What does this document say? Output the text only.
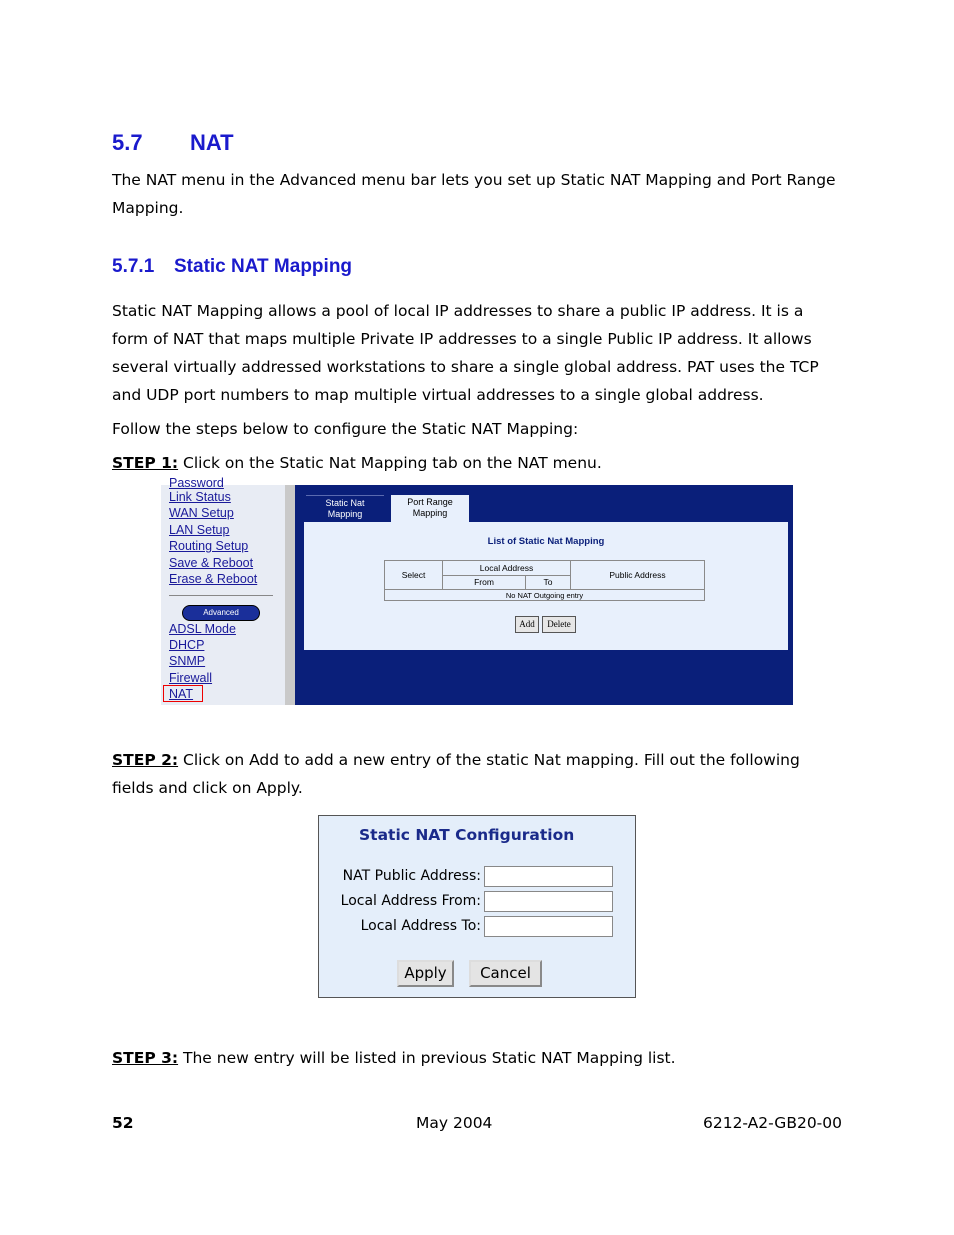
5.7 NAT
The NAT menu in the Advanced menu bar lets you set up Static NAT Mapping and Port Range Mapping.
5.7.1 Static NAT Mapping
Static NAT Mapping allows a pool of local IP addresses to share a public IP address. It is a form of NAT that maps multiple Private IP addresses to a single Public IP address. It allows several virtually addressed workstations to share a single global address. PAT uses the TCP and UDP port numbers to map multiple virtual addresses to a single global address.
Follow the steps below to configure the Static NAT Mapping:
STEP 1: Click on the Static Nat Mapping tab on the NAT menu.
Password
Link Status
WAN Setup
LAN Setup
Routing Setup
Save & Reboot
Erase & Reboot
Advanced
ADSL Mode
DHCP
SNMP
Firewall
NAT
Static Nat Mapping
Port Range Mapping
List of Static Nat Mapping
Select	Local Address		Public Address
	From	To	
No NAT Outgoing entry			
Add	Delete
STEP 2: Click on Add to add a new entry of the static Nat mapping. Fill out the following fields and click on Apply.
Static NAT Configuration
NAT Public Address:
Local Address From:
Local Address To:
Apply	Cancel
STEP 3: The new entry will be listed in previous Static NAT Mapping list.
52	May 2004	6212-A2-GB20-00
